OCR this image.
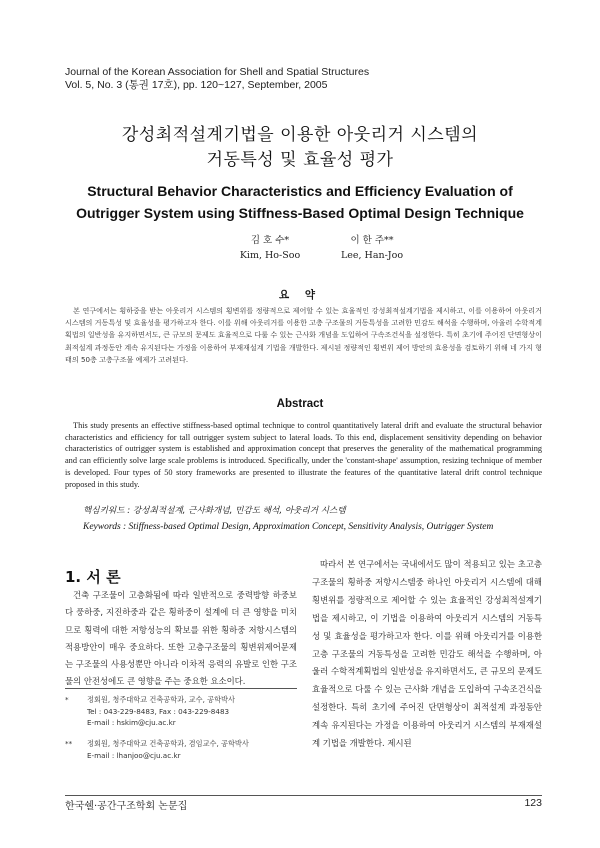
Journal of the Korean Association for Shell and Spatial Structures
Vol. 5, No. 3 (통권 17호), pp. 120~127, September, 2005
강성최적설계기법을 이용한 아웃리거 시스템의
거동특성 및 효율성 평가
Structural Behavior Characteristics and Efficiency Evaluation of
Outrigger System using Stiffness-Based Optimal Design Technique
김 호 수*
Kim, Ho-Soo
이 한 주**
Lee, Han-Joo
요 약
본 연구에서는 횡하중을 받는 아웃리거 시스템의 횡변위를 정량적으로 제어할 수 있는 효율적인 강성최적설계기법을 제시하고, 이를 이용하여 아웃리거 시스템의 거동특성 및 효율성을 평가하고자 한다. 이를 위해 아웃리거를 이용한 고층 구조물의 거동특성을 고려한 민감도 해석을 수행하며, 아울러 수학적계획법의 일반성을 유지하면서도, 큰 규모의 문제도 효율적으로 다룰 수 있는 근사화 개념을 도입하여 구속조건식을 설정한다. 특히 초기에 주어진 단면형상이 최적설계 과정동안 계속 유지된다는 가정을 이용하여 부재재설계 기법을 개발한다. 제시된 정량적인 횡변위 제어 방안의 효용성을 검토하기 위해 네 가지 형태의 50층 고층구조물 예제가 고려된다.
Abstract
This study presents an effective stiffness-based optimal technique to control quantitatively lateral drift and evaluate the structural behavior characteristics and efficiency for tall outrigger system subject to lateral loads. To this end, displacement sensitivity depending on behavior characteristics of outrigger system is established and approximation concept that preserves the generality of the mathematical programming and can efficiently solve large scale problems is introduced. Specifically, under the 'constant-shape' assumption, resizing technique of member is developed. Four types of 50 story frameworks are presented to illustrate the features of the quantitative lateral drift control technique proposed in this study.
핵심키워드 : 강성최적설계, 근사화개념, 민감도 해석, 아웃리거 시스템
Keywords : Stiffness-based Optimal Design, Approximation Concept, Sensitivity Analysis, Outrigger System
1. 서 론
건축 구조물이 고층화됨에 따라 일반적으로 중력방향 하중보다 풍하중, 지진하중과 같은 횡하중이 설계에 더 큰 영향을 미치므로 횡력에 대한 저항성능의 확보를 위한 횡하중 저항시스템의 적용방안이 매우 중요하다. 또한 고층구조물의 횡변위제어문제는 구조물의 사용성뿐만 아니라 이차적 응력의 유발로 인한 구조물의 안전성에도 큰 영향을 주는 중요한 요소이다.
따라서 본 연구에서는 국내에서도 많이 적용되고 있는 초고층 구조물의 횡하중 저항시스템중 하나인 아웃리거 시스템에 대해 횡변위를 정량적으로 제어할 수 있는 효율적인 강성최적설계기법을 제시하고, 이 기법을 이용하여 아웃리거 시스템의 거동특성 및 효율성을 평가하고자 한다. 이를 위해 아웃리거를 이용한 고층 구조물의 거동특성을 고려한 민감도 해석을 수행하며, 아울러 수학적계획법의 일반성을 유지하면서도, 큰 규모의 문제도 효율적으로 다룰 수 있는 근사화 개념을 도입하여 구속조건식을 설정한다. 특히 초기에 주어진 단면형상이 최적설계 과정동안 계속 유지된다는 가정을 이용하여 아웃리거 시스템의 부재재설계 기법을 개발한다. 제시된
*	정회원, 청주대학교 건축공학과, 교수, 공학박사
Tel : 043-229-8483, Fax : 043-229-8483
E-mail : hskim@cju.ac.kr
**	정회원, 청주대학교 건축공학과, 겸임교수, 공학박사
E-mail : lhanjoo@cju.ac.kr
한국쉘·공간구조학회 논문집	123
